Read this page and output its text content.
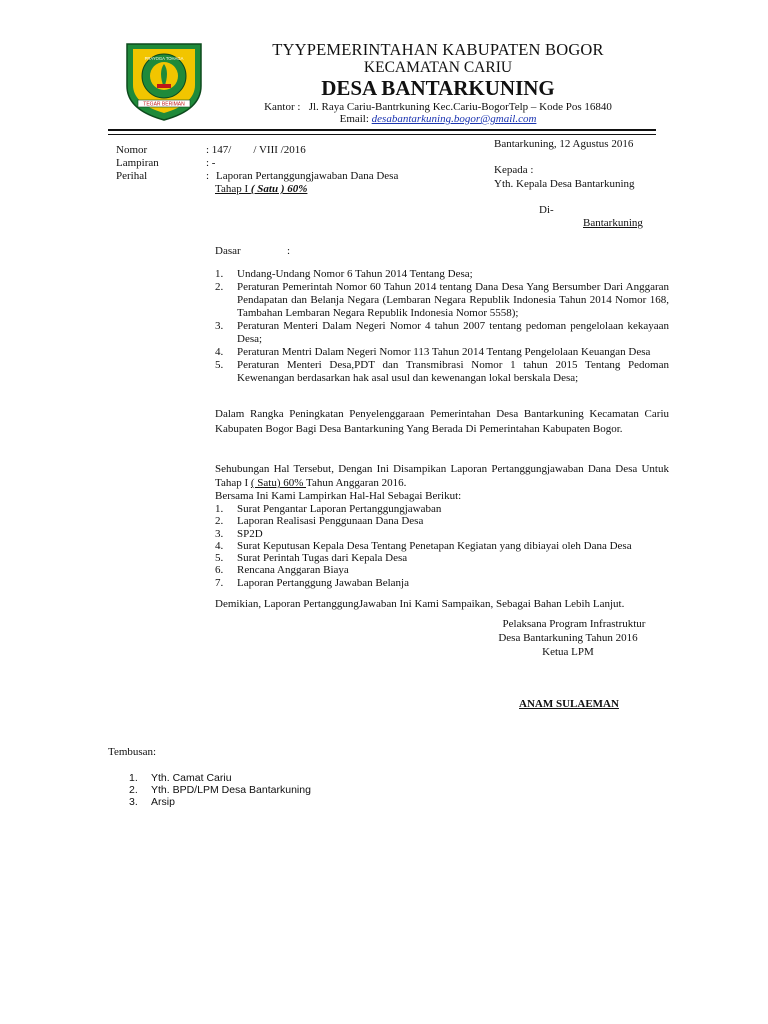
TEGAR BERIMAN
PRAYOGA TOHAGA	TYYPEMERINTAHAN KABUPATEN BOGOR
KECAMATAN CARIU
DESA BANTARKUNING
Kantor :   Jl. Raya Cariu-Bantrkuning Kec.Cariu-BogorTelp – Kode Pos 16840
Email: desabantarkuning.bogor@gmail.com
Nomor	: 147/        / VIII /2016
Lampiran	: -
Perihal	: Laporan Pertanggungjawaban Dana Desa
Tahap I ( Satu ) 60%
Bantarkuning, 12 Agustus 2016
Kepada :
Yth. Kepala Desa Bantarkuning
Di-
Bantarkuning
Dasar	:
1. Undang-Undang Nomor 6 Tahun 2014 Tentang Desa;
2. Peraturan Pemerintah Nomor 60 Tahun 2014 tentang Dana Desa Yang Bersumber Dari Anggaran Pendapatan dan Belanja Negara (Lembaran Negara Republik Indonesia Tahun 2014 Nomor 168, Tambahan Lembaran Negara Republik Indonesia Nomor 5558);
3. Peraturan Menteri Dalam Negeri Nomor 4 tahun 2007 tentang pedoman pengelolaan kekayaan Desa;
4. Peraturan Mentri Dalam Negeri Nomor 113 Tahun 2014 Tentang Pengelolaan Keuangan Desa
5. Peraturan Menteri Desa,PDT dan Transmibrasi Nomor 1 tahun 2015 Tentang Pedoman Kewenangan berdasarkan hak asal usul dan kewenangan lokal berskala Desa;
Dalam Rangka Peningkatan Penyelenggaraan Pemerintahan Desa Bantarkuning Kecamatan Cariu Kabupaten Bogor Bagi Desa Bantarkuning Yang Berada Di Pemerintahan Kabupaten Bogor.
Sehubungan Hal Tersebut, Dengan Ini Disampikan Laporan Pertanggungjawaban Dana Desa Untuk Tahap I ( Satu) 60% Tahun Anggaran 2016.
Bersama Ini Kami Lampirkan Hal-Hal Sebagai Berikut:
1. Surat Pengantar Laporan Pertanggungjawaban
2. Laporan Realisasi Penggunaan Dana Desa
3. SP2D
4. Surat Keputusan Kepala Desa Tentang Penetapan Kegiatan yang dibiayai oleh Dana Desa
5. Surat Perintah Tugas dari Kepala Desa
6. Rencana Anggaran Biaya
7. Laporan Pertanggung Jawaban Belanja
Demikian, Laporan PertanggungJawaban Ini Kami Sampaikan, Sebagai Bahan Lebih Lanjut.
Pelaksana Program Infrastruktur
Desa Bantarkuning Tahun 2016
Ketua LPM
ANAM SULAEMAN
Tembusan:
1. Yth. Camat Cariu
2. Yth. BPD/LPM Desa Bantarkuning
3. Arsip
